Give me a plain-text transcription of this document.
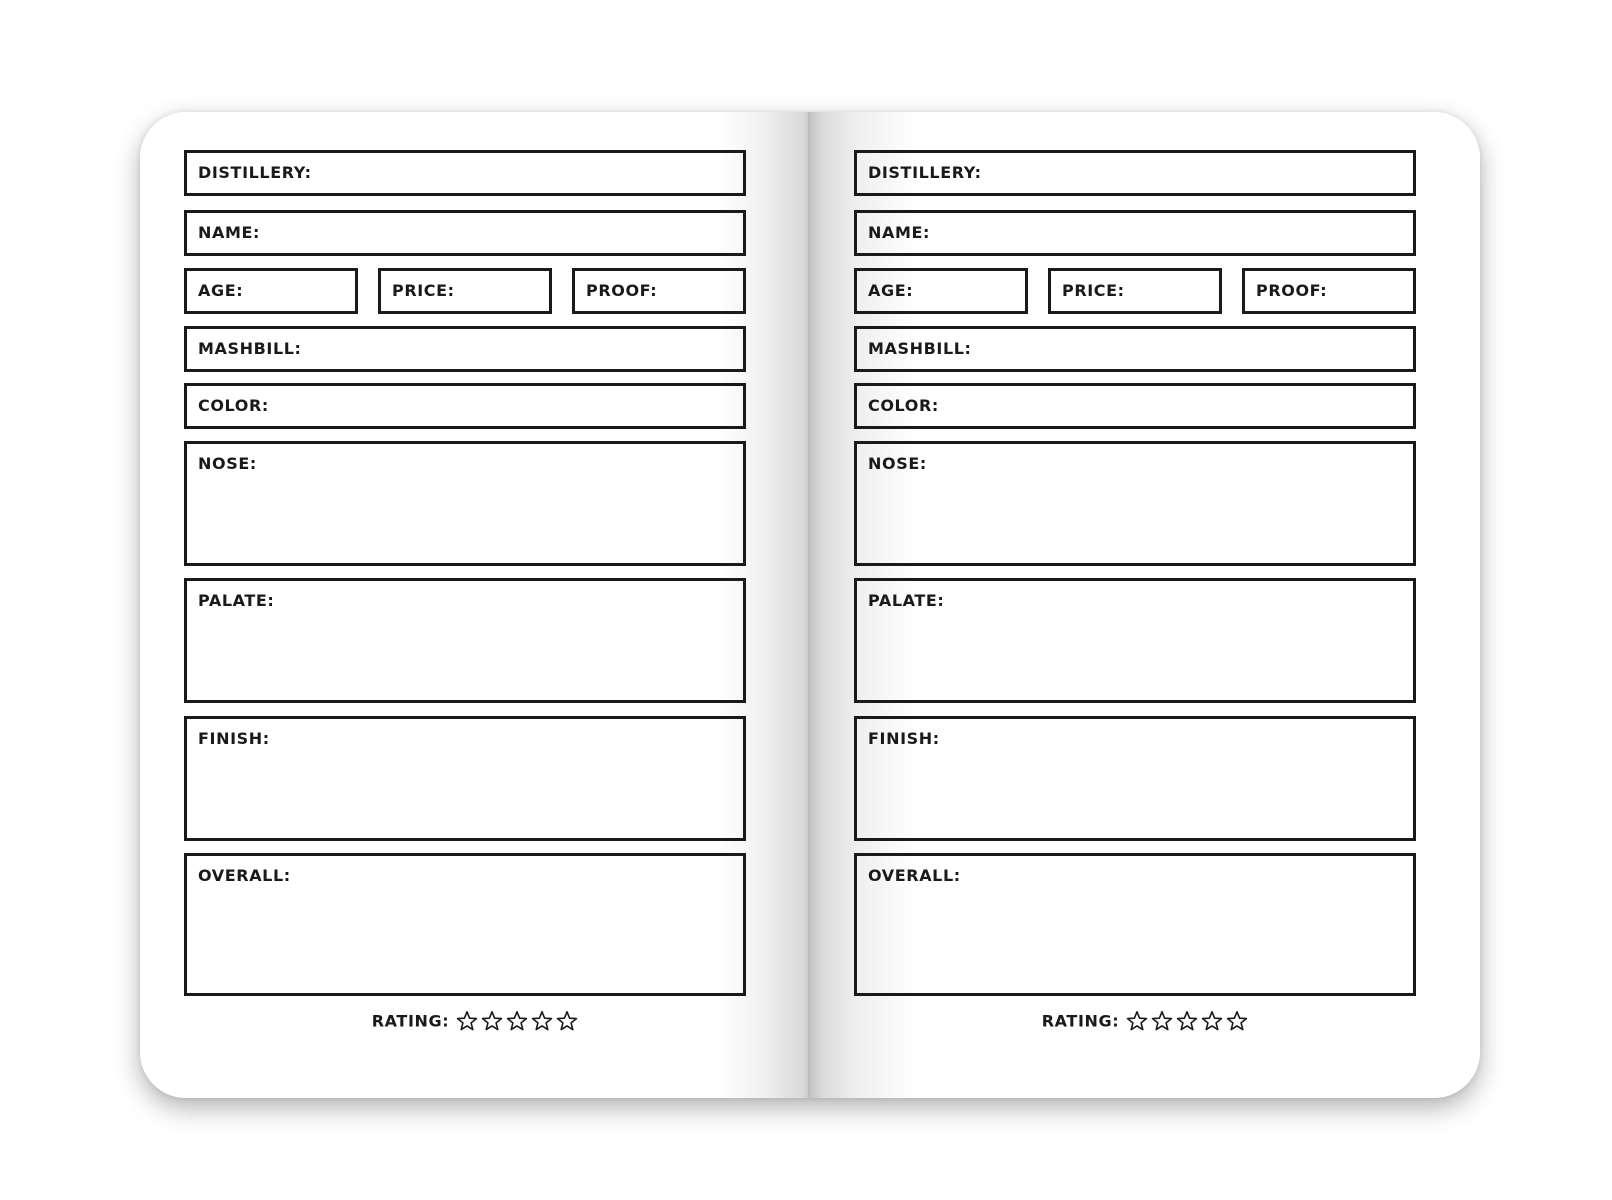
DISTILLERY:
NAME:
AGE:	PRICE:	PROOF:
MASHBILL:
COLOR:
NOSE:
PALATE:
FINISH:
OVERALL:
RATING:
DISTILLERY:
NAME:
AGE:	PRICE:	PROOF:
MASHBILL:
COLOR:
NOSE:
PALATE:
FINISH:
OVERALL:
RATING:
